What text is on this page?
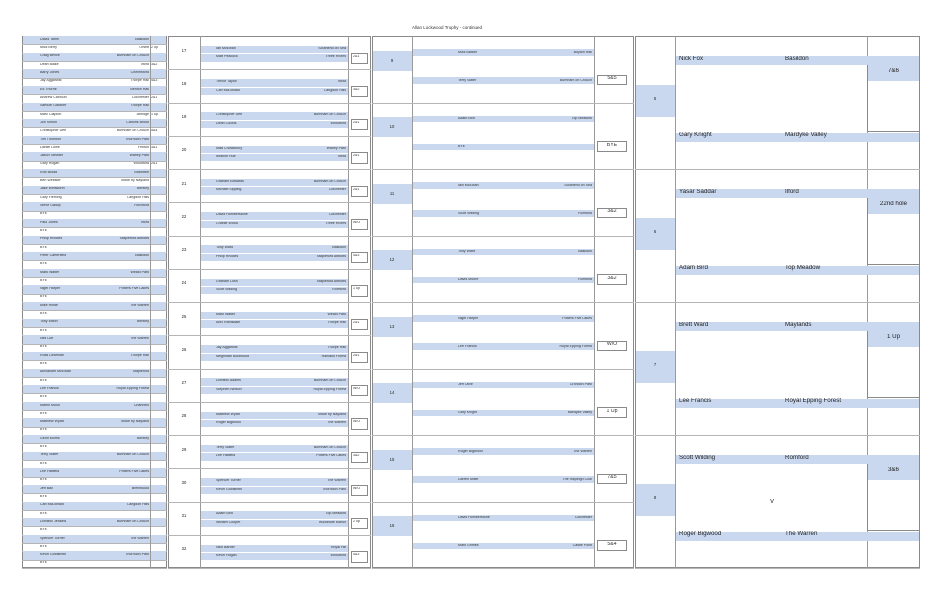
Allan Lockwood Trophy - continued
David Tarrel	Basildon
Mick Berry	Orsett 2 up
Craig Bence	Burnham on Crouch
Dean Blake	Ilford 3&2
Barry Jones	Chelmsford
Jay Aggarwal	Thorpe Hall 4&3
Ed Thorne	Benton Hall
Andrew Calhoun	Colchester 2&1
Samuel Gardner	Thorpe Hall
Marc Clapton	Abridge 1 up
Jon Simon	Canons Brook
Christopher Dee	Burnham on Crouch 5&4
Tim Thornton	Thorndon Park
Daniel Lowe	Frinton 3&1
Jason Stewart	Warley Park
Gary Hogan	Woodford 2&1
Rob Broad	Braintree
Ben Webster	Stoke by Nayland
Jake Whitworth	Bentley
Gary Fleming	Langdon Hills
Steve Gallop	Rochford
BYE
Paul Jones	Ilford
BYE
Philip Rhodes	Stapleford Abbotts
BYE
Peter Carterfield	Basildon
BYE
Mark Walter	Weald Park
BYE
Nigel Harper	Potters Five Lakes
BYE
Mike Hinde	The Warren
BYE
Tony Mann	Bentley
BYE
Neil Luff	The Warren
BYE
Ross Dearman	Thorpe Hall
BYE
Alexander McEwan	Stapleford
BYE
Lee Francis	Royal Epping Forest
BYE
Martin Moon	Channels
BYE
Matthew Wyatt	Stoke by Nayland
BYE
Geoff Morris	Bentley
BYE
Terry Slater	Burnham on Crouch
BYE
Lee Hatfield	Potters Five Lakes
BYE
Jeff Ball	Brentwood
BYE
Carl McDonald	Langdon Hills
BYE
Dominic Jenkins	Burnham on Crouch
BYE
Spencer Turner	The Warren
BYE
Kevin Goldsmith	Thorndon Park
BYE
17	Ian McEwan	Southend on Sea
Matt Peacock	Three Rivers 2&1
18	Trevor Taylor	Ilford
Carl McDonald	Langdon Hills 3&2
19	Christopher Dee	Burnham on Crouch
Dean Collins	Woodford 2&1
20	Matt Chowdhury	Warley Park
Ibrahim Hue	Ilford 2&1
21	Graham Edwards	Burnham on Crouch
Michael Sipping	Colchester 2&1
22	David Humberstone	Colchester
Charlie Wood	Three Rivers W/O
23	Tony Ward	Basildon
Philip Rhodes	Stapleford Abbotts 4&3
24	Graham Lush	Stapleford Abbotts
Scott Wilding	Romford 1 up
25	Mark Walter	Weald Park
Alex Ramsdale	Thorpe Hall 2&1
26	Jay Aggarwal	Thorpe Hall
Meghnath Boutwood	Hainault Forest 2&1
27	Dominic Adams	Burnham on Crouch
Stephen Nelson	Royal Epping Forest W/O
28	Matthew Wyatt	Stoke by Nayland
Roger Bigwood	The Warren W/O
29	Terry Slater	Burnham on Crouch
Lee Hatfield	Potters Five Lakes 3&2
30	Spencer Turner	The Warren
Kevin Goldsmith	Thorndon Park W/O
31	Adam Bird	Top Meadow
William Cooper	Woodside Manor 2 up
32	Nick Barber	Royal Hill
Kevin Hogan	Woodford 4&3
9
Mick Barber	Boyton Hall
Terry Slater	Burnham on Crouch	5&5
10
Adam Bird	Top Meadow
BYE	BYE
11
Iain McEwan	Southend on Sea
Scott Wilding	Romford	3&2
12
Tony Ward	Basildon
David Moore	Romford	3&2
13
Nigel Harper	Potters Five Lakes
Lee Francis	Royal Epping Forest	W/O
14
Jeff Olive	Crondon Park
Gary Knight	Mardyke Valley	1 Up
15
Roger Bigwood	The Warren
Darren Miller	The Rayleigh Club	7&5
16
David Humberstone	Colchester
Mark Grimes	Castle Point	5&4
5
Nick Fox	Basildon
Gary Knight	Mardyke Valley
7&6
6
Yasar Saddar	Ilford
Adam Bird	Top Meadow
22nd hole
7
Brett Ward	Maylands
Lee Francis	Royal Epping Forest
1 Up
8
Scott Wilding	Romford
Roger Bigwood	The Warren
3&6
V
